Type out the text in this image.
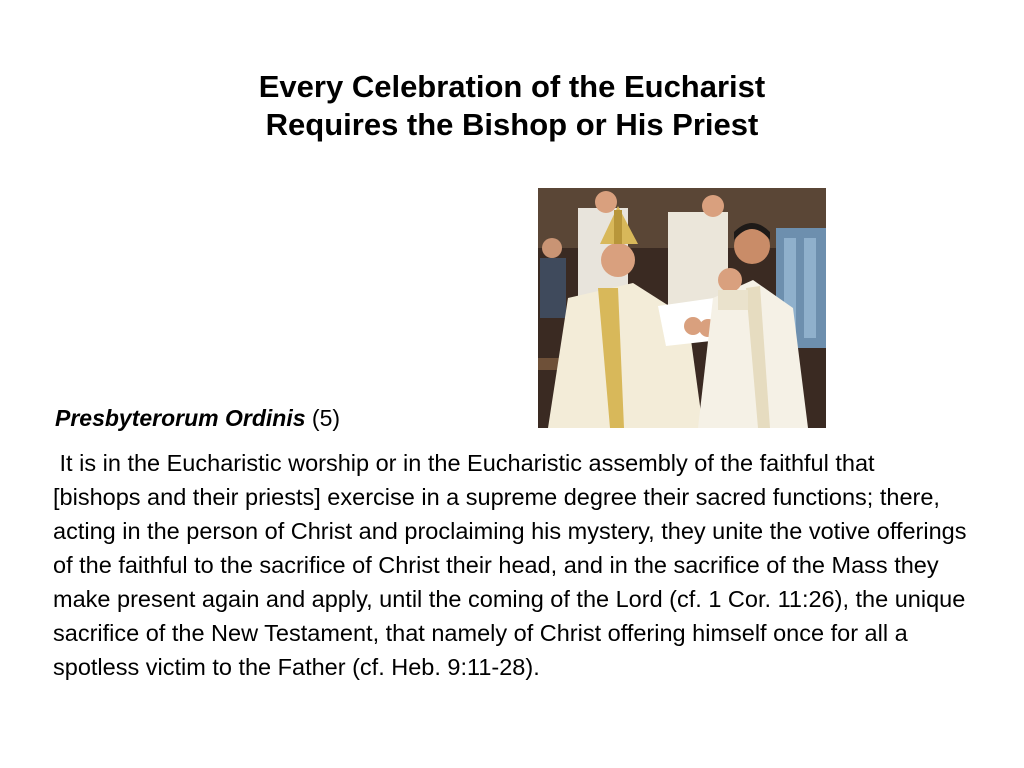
Every Celebration of the Eucharist
Requires the Bishop or His Priest
Presbyterorum Ordinis (5)
It is in the Eucharistic worship or in the Eucharistic assembly of the faithful that [bishops and their priests] exercise in a supreme degree their sacred functions; there, acting in the person of Christ and proclaiming his mystery, they unite the votive offerings of the faithful to the sacrifice of Christ their head, and in the sacrifice of the Mass they make present again and apply, until the coming of the Lord (cf. 1 Cor. 11:26), the unique sacrifice of the New Testament, that namely of Christ offering himself once for all a spotless victim to the Father (cf. Heb. 9:11-28).
